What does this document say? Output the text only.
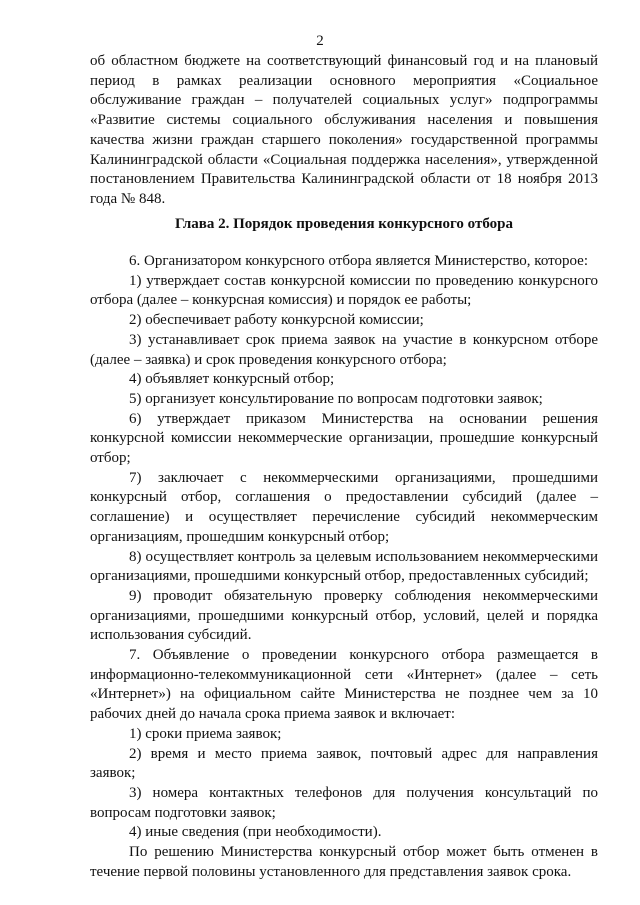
2
об областном бюджете на соответствующий финансовый год и на плановый период в рамках реализации основного мероприятия «Социальное обслуживание граждан – получателей социальных услуг» подпрограммы «Развитие системы социального обслуживания населения и повышения качества жизни граждан старшего поколения» государственной программы Калининградской области «Социальная поддержка населения», утвержденной постановлением Правительства Калининградской области от 18 ноября 2013 года № 848.
Глава 2. Порядок проведения конкурсного отбора

6. Организатором конкурсного отбора является Министерство, которое:

1) утверждает состав конкурсной комиссии по проведению конкурсного отбора (далее – конкурсная комиссия) и порядок ее работы;

2) обеспечивает работу конкурсной комиссии;

3) устанавливает срок приема заявок на участие в конкурсном отборе (далее – заявка) и срок проведения конкурсного отбора;

4) объявляет конкурсный отбор;

5) организует консультирование по вопросам подготовки заявок;

6) утверждает приказом Министерства на основании решения конкурсной комиссии некоммерческие организации, прошедшие конкурсный отбор;

7) заключает с некоммерческими организациями, прошедшими конкурсный отбор, соглашения о предоставлении субсидий (далее – соглашение) и осуществляет перечисление субсидий некоммерческим организациям, прошедшим конкурсный отбор;

8) осуществляет контроль за целевым использованием некоммерческими организациями, прошедшими конкурсный отбор, предоставленных субсидий;

9) проводит обязательную проверку соблюдения некоммерческими организациями, прошедшими конкурсный отбор, условий, целей и порядка использования субсидий.

7. Объявление о проведении конкурсного отбора размещается в информационно-телекоммуникационной сети «Интернет» (далее – сеть «Интернет») на официальном сайте Министерства не позднее чем за 10 рабочих дней до начала срока приема заявок и включает:

1) сроки приема заявок;

2) время и место приема заявок, почтовый адрес для направления заявок;

3) номера контактных телефонов для получения консультаций по вопросам подготовки заявок;

4) иные сведения (при необходимости).

По решению Министерства конкурсный отбор может быть отменен в течение первой половины установленного для представления заявок срока.
